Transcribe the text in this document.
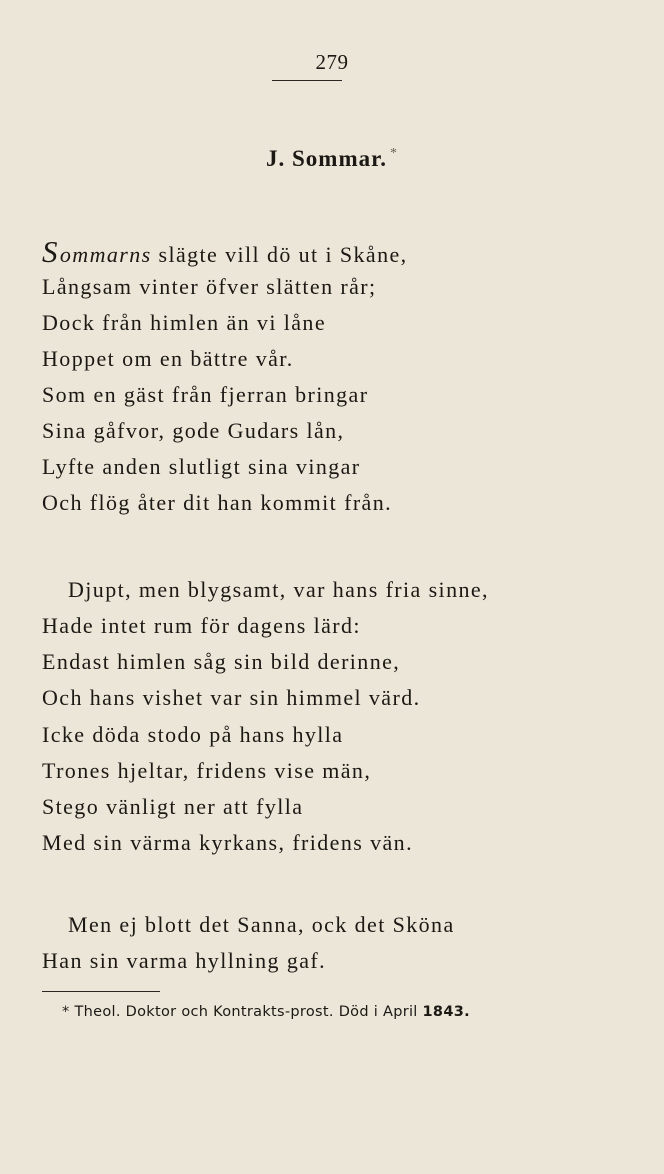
279
J. Sommar. *
Sommarns slägte vill dö ut i Skåne,
Långsam vinter öfver slätten rår;
Dock från himlen än vi låne
Hoppet om en bättre vår.
Som en gäst från fjerran bringar
Sina gåfvor, gode Gudars lån,
Lyfte anden slutligt sina vingar
Och flög åter dit han kommit från.
Djupt, men blygsamt, var hans fria sinne,
Hade intet rum för dagens lärd:
Endast himlen såg sin bild derinne,
Och hans vishet var sin himmel värd.
Icke döda stodo på hans hylla
Trones hjeltar, fridens vise män,
Stego vänligt ner att fylla
Med sin värma kyrkans, fridens vän.
Men ej blott det Sanna, ock det Sköna
Han sin varma hyllning gaf.
* Theol. Doktor och Kontrakts-prost. Död i April 1843.
